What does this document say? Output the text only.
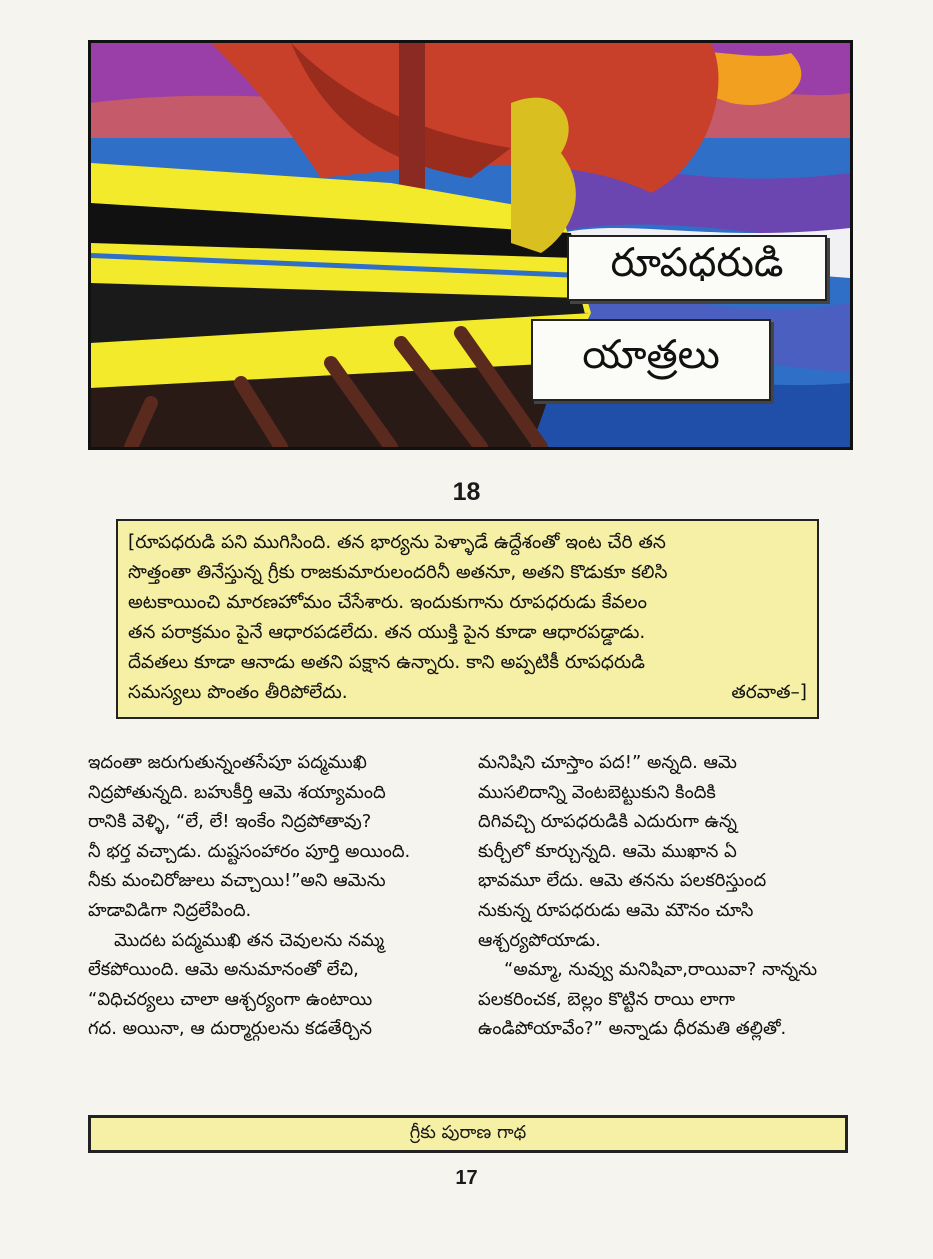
రూపధరుడి
యాత్రలు
18
[రూపధరుడి పని ముగిసింది. తన భార్యను పెళ్ళాడే ఉద్దేశంతో ఇంట చేరి తన
సొత్తంతా తినేస్తున్న గ్రీకు రాజకుమారులందరినీ అతనూ, అతని కొడుకూ కలిసి
అటకాయించి మారణహోమం చేసేశారు. ఇందుకుగాను రూపధరుడు కేవలం
తన పరాక్రమం పైనే ఆధారపడలేదు. తన యుక్తి పైన కూడా ఆధారపడ్డాడు.
దేవతలు కూడా ఆనాడు అతని పక్షాన ఉన్నారు. కాని అప్పటికీ రూపధరుడి
సమస్యలు పొంతం తీరిపోలేదు.	తరవాత–]
ఇదంతా జరుగుతున్నంతసేపూ పద్మముఖి
నిద్రపోతున్నది. బహుకీర్తి ఆమె శయ్యామంది
రానికి వెళ్ళి, “లే, లే! ఇంకేం నిద్రపోతావు?
నీ భర్త వచ్చాడు. దుష్టసంహారం పూర్తి అయింది.
నీకు మంచిరోజులు వచ్చాయి!”అని ఆమెను
హడావిడిగా నిద్రలేపింది.
మొదట పద్మముఖి తన చెవులను నమ్మ
లేకపోయింది. ఆమె అనుమానంతో లేచి,
“విధిచర్యలు చాలా ఆశ్చర్యంగా ఉంటాయి
గద. అయినా, ఆ దుర్మార్గులను కడతేర్చిన
మనిషిని చూస్తాం పద!” అన్నది. ఆమె
ముసలిదాన్ని వెంటబెట్టుకుని కిందికి
దిగివచ్చి రూపధరుడికి ఎదురుగా ఉన్న
కుర్చీలో కూర్చున్నది. ఆమె ముఖాన ఏ
భావమూ లేదు. ఆమె తనను పలకరిస్తుంద
నుకున్న రూపధరుడు ఆమె మౌనం చూసి
ఆశ్చర్యపోయాడు.
“అమ్మా, నువ్వు మనిషివా,రాయివా? నాన్నను
పలకరించక, బెల్లం కొట్టిన రాయి లాగా
ఉండిపోయావేం?” అన్నాడు ధీరమతి తల్లితో.
గ్రీకు పురాణ గాథ
17
